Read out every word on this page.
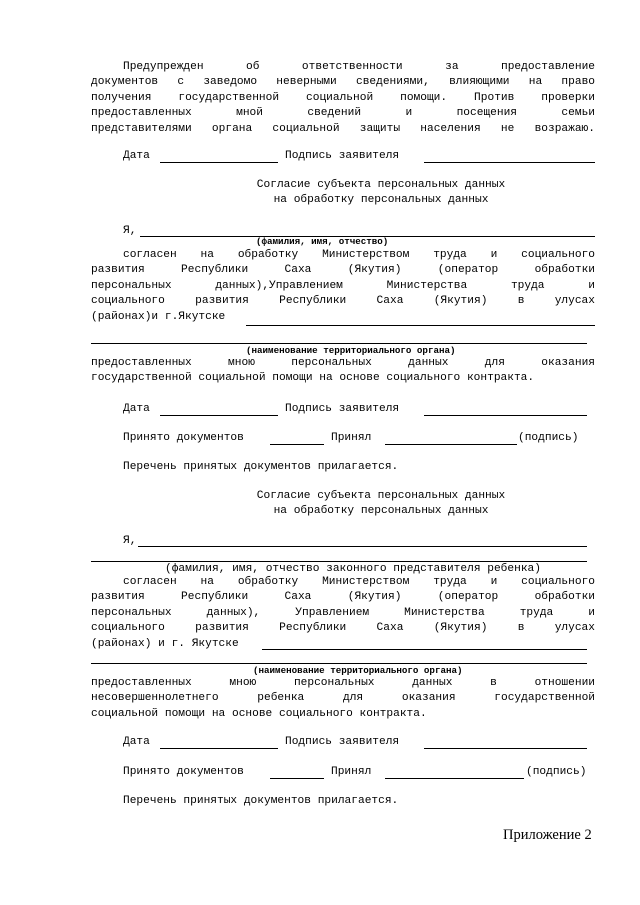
Предупрежден об ответственности за предоставление
документов с заведомо неверными сведениями, влияющими на право
получения государственной социальной помощи. Против проверки
предоставленных мной сведений и посещения семьи
представителями органа социальной защиты населения не возражаю.
Дата	Подпись заявителя
Согласие субъекта персональных данных
на обработку персональных данных
Я,
(фамилия, имя, отчество)
согласен на обработку Министерством труда и социального
развития Республики Саха (Якутия) (оператор обработки
персональных данных),Управлением Министерства труда и
социального развития Республики Саха (Якутия) в улусах
(районах)и г.Якутске
(наименование территориального органа)
предоставленных мною персональных данных для оказания
государственной социальной помощи на основе социального контракта.
Дата	Подпись заявителя
Принято документов	Принял	(подпись)
Перечень принятых документов прилагается.
Согласие субъекта персональных данных
на обработку персональных данных
Я,
(фамилия, имя, отчество законного представителя ребенка)
согласен на обработку Министерством труда и социального
развития Республики Саха (Якутия) (оператор обработки
персональных данных), Управлением Министерства труда и
социального развития Республики Саха (Якутия) в улусах
(районах) и г. Якутске
(наименование территориального органа)
предоставленных мною персональных данных в отношении
несовершеннолетнего ребенка для оказания государственной
социальной помощи на основе социального контракта.
Дата	Подпись заявителя
Принято документов	Принял	(подпись)
Перечень принятых документов прилагается.
Приложение 2
